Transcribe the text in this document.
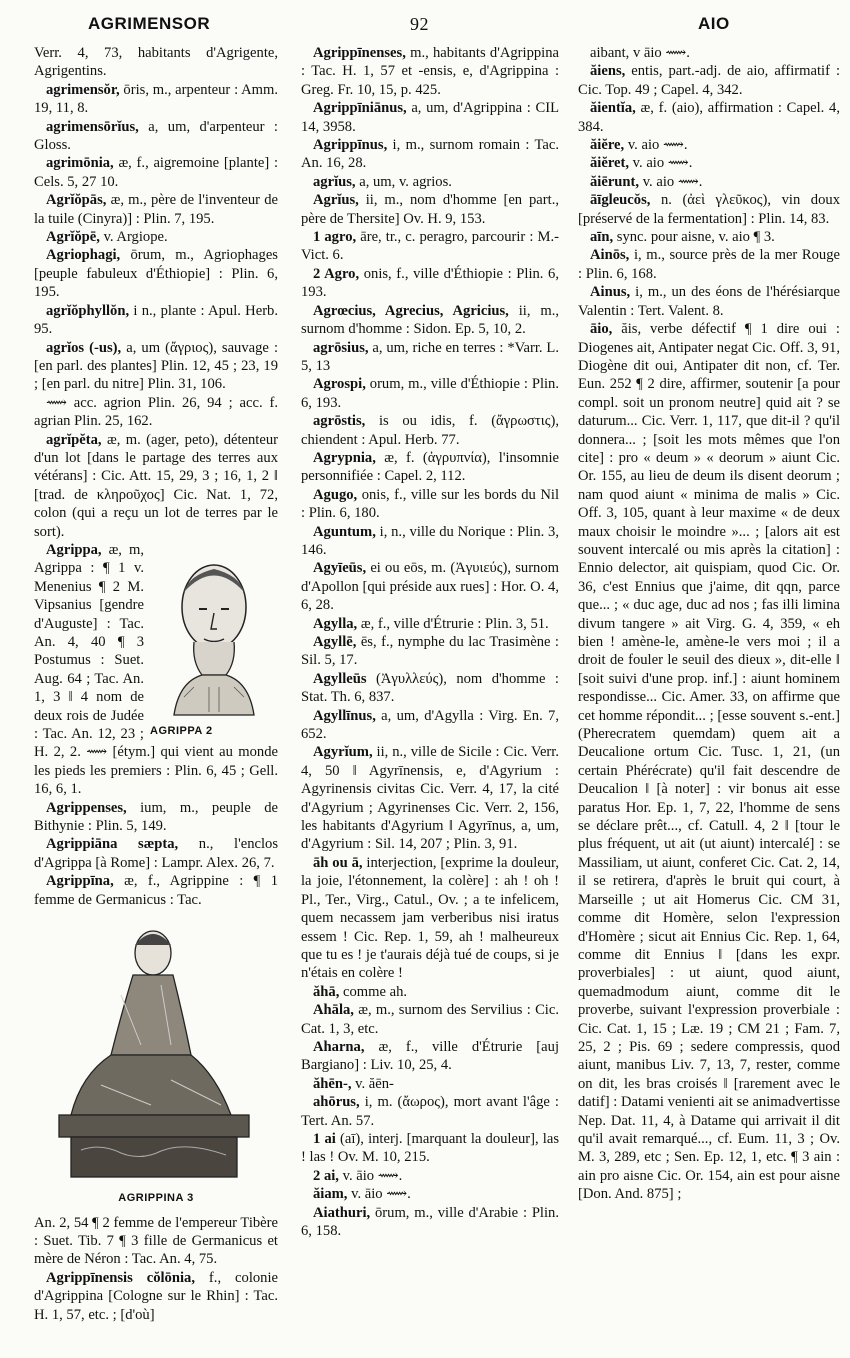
AGRIMENSOR	92	AIO

Verr. 4, 73, habitants d'Agrigente, Agrigentins.

agrimensŏr, ōris, m., arpenteur : Amm. 19, 11, 8.

agrimensōrĭus, a, um, d'arpenteur : Gloss.

agrimōnia, æ, f., aigremoine [plante] : Cels. 5, 27 10.

Agrĭŏpās, æ, m., père de l'inventeur de la tuile (Cinyra)] : Plin. 7, 195.

Agrĭŏpē, v. Argiope.

Agriophagi, ōrum, m., Agriophages [peuple fabuleux d'Éthiopie] : Plin. 6, 195.

agrĭŏphyllŏn, i n., plante : Apul. Herb. 95.

agrĭos (-us), a, um (ἄγριος), sauvage : [en parl. des plantes] Plin. 12, 45 ; 23, 19 ; [en parl. du nitre] Plin. 31, 106.

⟿ acc. agrion Plin. 26, 94 ; acc. f. agrian Plin. 25, 162.

agrĭpĕta, æ, m. (ager, peto), détenteur d'un lot [dans le partage des terres aux vétérans] : Cic. Att. 15, 29, 3 ; 16, 1, 2 ‖ [trad. de κληροῦχος] Cic. Nat. 1, 72, colon (qui a reçu un lot de terres par le sort).

AGRIPPA 2
Agrippa, æ, m, Agrippa : ¶ 1 v. Menenius ¶ 2 M. Vipsanius [gendre d'Auguste] : Tac. An. 4, 40 ¶ 3 Postumus : Suet. Aug. 64 ; Tac. An. 1, 3 ‖ 4 nom de deux rois de Judée : Tac. An. 12, 23 ; H. 2, 2. ⟿ [étym.] qui vient au monde les pieds les premiers : Plin. 6, 45 ; Gell. 16, 6, 1.

Agrippenses, ium, m., peuple de Bithynie : Plin. 5, 149.

Agrippiāna sæpta, n., l'enclos d'Agrippa [à Rome] : Lampr. Alex. 26, 7.

Agrippīna, æ, f., Agrippine : ¶ 1 femme de Germanicus : Tac.

AGRIPPINA 3

An. 2, 54 ¶ 2 femme de l'empereur Tibère : Suet. Tib. 7 ¶ 3 fille de Germanicus et mère de Néron : Tac. An. 4, 75.

Agrippīnensis cŏlōnia, f., colonie d'Agrippina [Cologne sur le Rhin] : Tac. H. 1, 57, etc. ; [d'où]

Agrippīnenses, m., habitants d'Agrippina : Tac. H. 1, 57 et -ensis, e, d'Agrippina : Greg. Fr. 10, 15, p. 425.

Agrippīniānus, a, um, d'Agrippina : CIL 14, 3958.

Agrippīnus, i, m., surnom romain : Tac. An. 16, 28.

agrĭus, a, um, v. agrios.

Agrĭus, ii, m., nom d'homme [en part., père de Thersite] Ov. H. 9, 153.

1 agro, āre, tr., c. peragro, parcourir : M.-Vict. 6.

2 Agro, onis, f., ville d'Éthiopie : Plin. 6, 193.

Agrœcius, Agrecius, Agricius, ii, m., surnom d'homme : Sidon. Ep. 5, 10, 2.

agrōsius, a, um, riche en terres : *Varr. L. 5, 13

Agrospi, orum, m., ville d'Éthiopie : Plin. 6, 193.

agrōstis, is ou idis, f. (ἄγρωστις), chiendent : Apul. Herb. 77.

Agrypnia, æ, f. (ἀγρυπνία), l'insomnie personnifiée : Capel. 2, 112.

Agugo, onis, f., ville sur les bords du Nil : Plin. 6, 180.

Aguntum, i, n., ville du Norique : Plin. 3, 146.

Agyīeūs, ei ou eōs, m. (Ἀγυιεύς), surnom d'Apollon [qui préside aux rues] : Hor. O. 4, 6, 28.

Agylla, æ, f., ville d'Étrurie : Plin. 3, 51.

Agyllē, ēs, f., nymphe du lac Trasimène : Sil. 5, 17.

Agylleūs (Ἀγυλλεύς), nom d'homme : Stat. Th. 6, 837.

Agyllīnus, a, um, d'Agylla : Virg. En. 7, 652.

Agyrĭum, ii, n., ville de Sicile : Cic. Verr. 4, 50 ‖ Agyrīnensis, e, d'Agyrium : Agyrinensis civitas Cic. Verr. 4, 17, la cité d'Agyrium ; Agyrinenses Cic. Verr. 2, 156, les habitants d'Agyrium ‖ Agyrīnus, a, um, d'Agyrium : Sil. 14, 207 ; Plin. 3, 91.

āh ou ā, interjection, [exprime la douleur, la joie, l'étonnement, la colère] : ah ! oh ! Pl., Ter., Virg., Catul., Ov. ; a te infelicem, quem necassem jam verberibus nisi iratus essem ! Cic. Rep. 1, 59, ah ! malheureux que tu es ! je t'aurais déjà tué de coups, si je n'étais en colère !

ăhā, comme ah.

Ahāla, æ, m., surnom des Servilius : Cic. Cat. 1, 3, etc.

Aharna, æ, f., ville d'Étrurie [auj Bargiano] : Liv. 10, 25, 4.

ăhēn-, v. ăēn-

ahōrus, i, m. (ἄωρος), mort avant l'âge : Tert. An. 57.

1 ai (aī), interj. [marquant la douleur], las ! las ! Ov. M. 10, 215.

2 ai, v. āio ⟿.

ăiam, v. āio ⟿.

Aiathuri, ōrum, m., ville d'Arabie : Plin. 6, 158.

aibant, v āio ⟿.

ăiens, entis, part.-adj. de aio, affirmatif : Cic. Top. 49 ; Capel. 4, 342.

ăientĭa, æ, f. (aio), affirmation : Capel. 4, 384.

ăiĕre, v. aio ⟿.

ăiĕret, v. aio ⟿.

ăiērunt, v. aio ⟿.

āīgleucŏs, n. (ἀεὶ γλεῦκος), vin doux [préservé de la fermentation] : Plin. 14, 83.

aīn, sync. pour aisne, v. aio ¶ 3.

Ainōs, i, m., source près de la mer Rouge : Plin. 6, 168.

Ainus, i, m., un des éons de l'hérésiarque Valentin : Tert. Valent. 8.

āio, ăis, verbe défectif ¶ 1 dire oui : Diogenes ait, Antipater negat Cic. Off. 3, 91, Diogène dit oui, Antipater dit non, cf. Ter. Eun. 252 ¶ 2 dire, affirmer, soutenir [a pour compl. soit un pronom neutre] quid ait ? se daturum... Cic. Verr. 1, 117, que dit-il ? qu'il donnera... ; [soit les mots mêmes que l'on cite] : pro « deum » « deorum » aiunt Cic. Or. 155, au lieu de deum ils disent deorum ; nam quod aiunt « minima de malis » Cic. Off. 3, 105, quant à leur maxime « de deux maux choisir le moindre »... ; [alors ait est souvent intercalé ou mis après la citation] : Ennio delector, ait quispiam, quod Cic. Or. 36, c'est Ennius que j'aime, dit qqn, parce que... ; « duc age, duc ad nos ; fas illi limina divum tangere » ait Virg. G. 4, 359, « eh bien ! amène-le, amène-le vers moi ; il a droit de fouler le seuil des dieux », dit-elle ‖ [soit suivi d'une prop. inf.] : aiunt hominem respondisse... Cic. Amer. 33, on affirme que cet homme répondit... ; [esse souvent s.-ent.] (Pherecratem quemdam) quem ait a Deucalione ortum Cic. Tusc. 1, 21, (un certain Phérécrate) qu'il fait descendre de Deucalion ‖ [à noter] : vir bonus ait esse paratus Hor. Ep. 1, 7, 22, l'homme de sens se déclare prêt..., cf. Catull. 4, 2 ‖ [tour le plus fréquent, ut ait (ut aiunt) intercalé] : se Massiliam, ut aiunt, conferet Cic. Cat. 2, 14, il se retirera, d'après le bruit qui court, à Marseille ; ut ait Homerus Cic. CM 31, comme dit Homère, selon l'expression d'Homère ; sicut ait Ennius Cic. Rep. 1, 64, comme dit Ennius ‖ [dans les expr. proverbiales] : ut aiunt, quod aiunt, quemadmodum aiunt, comme dit le proverbe, suivant l'expression proverbiale : Cic. Cat. 1, 15 ; Læ. 19 ; CM 21 ; Fam. 7, 25, 2 ; Pis. 69 ; sedere compressis, quod aiunt, manibus Liv. 7, 13, 7, rester, comme on dit, les bras croisés ‖ [rarement avec le datif] : Datami venienti ait se animadvertisse Nep. Dat. 11, 4, à Datame qui arrivait il dit qu'il avait remarqué..., cf. Eum. 11, 3 ; Ov. M. 3, 289, etc ; Sen. Ep. 12, 1, etc. ¶ 3 ain : ain pro aisne Cic. Or. 154, ain est pour aisne [Don. And. 875] ;
